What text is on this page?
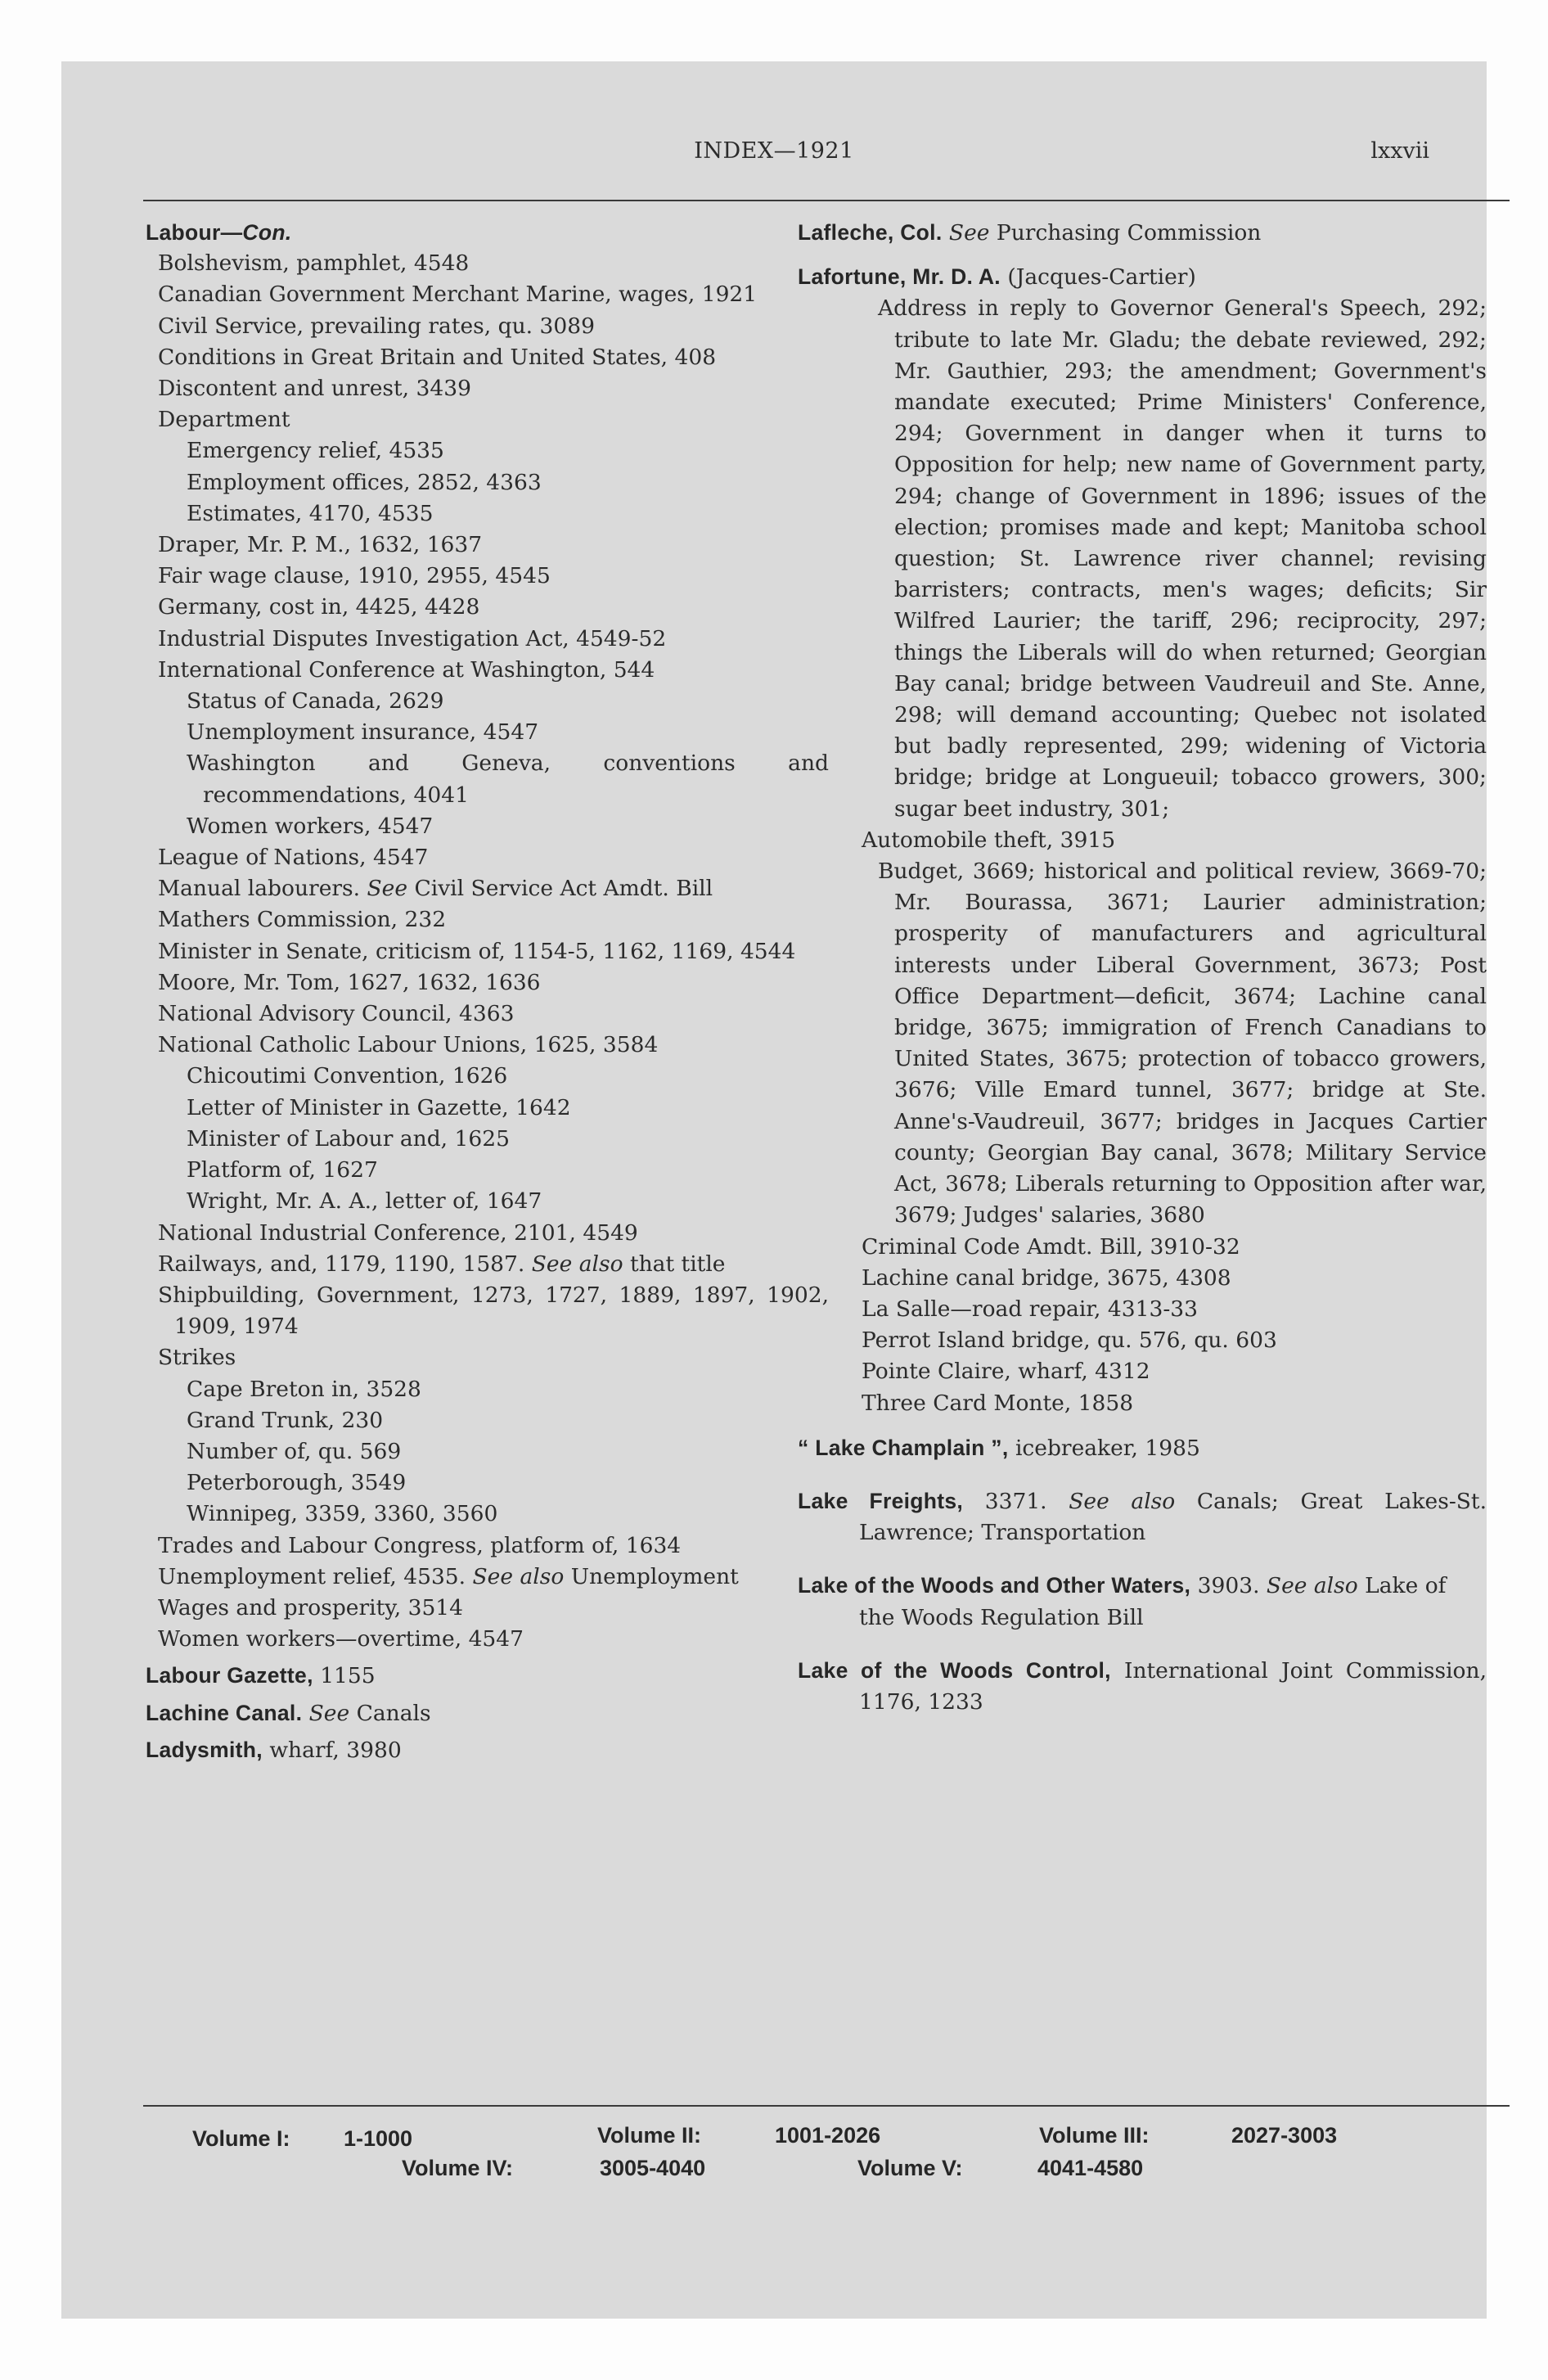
INDEX—1921	lxxvii
Labour—Con.
Bolshevism, pamphlet, 4548
Canadian Government Merchant Marine, wages, 1921
Civil Service, prevailing rates, qu. 3089
Conditions in Great Britain and United States, 408
Discontent and unrest, 3439
Department
Emergency relief, 4535
Employment offices, 2852, 4363
Estimates, 4170, 4535
Draper, Mr. P. M., 1632, 1637
Fair wage clause, 1910, 2955, 4545
Germany, cost in, 4425, 4428
Industrial Disputes Investigation Act, 4549-52
International Conference at Washington, 544
Status of Canada, 2629
Unemployment insurance, 4547
Washington and Geneva, conventions and recommendations, 4041
Women workers, 4547
League of Nations, 4547
Manual labourers. See Civil Service Act Amdt. Bill
Mathers Commission, 232
Minister in Senate, criticism of, 1154-5, 1162, 1169, 4544
Moore, Mr. Tom, 1627, 1632, 1636
National Advisory Council, 4363
National Catholic Labour Unions, 1625, 3584
Chicoutimi Convention, 1626
Letter of Minister in Gazette, 1642
Minister of Labour and, 1625
Platform of, 1627
Wright, Mr. A. A., letter of, 1647
National Industrial Conference, 2101, 4549
Railways, and, 1179, 1190, 1587. See also that title
Shipbuilding, Government, 1273, 1727, 1889, 1897, 1902, 1909, 1974
Strikes
Cape Breton in, 3528
Grand Trunk, 230
Number of, qu. 569
Peterborough, 3549
Winnipeg, 3359, 3360, 3560
Trades and Labour Congress, platform of, 1634
Unemployment relief, 4535. See also Unemployment
Wages and prosperity, 3514
Women workers—overtime, 4547
Labour Gazette, 1155
Lachine Canal. See Canals
Ladysmith, wharf, 3980
Lafleche, Col. See Purchasing Commission
Lafortune, Mr. D. A. (Jacques-Cartier)
Address in reply to Governor General's Speech, 292; tribute to late Mr. Gladu; the debate reviewed, 292; Mr. Gauthier, 293; the amendment; Government's mandate executed; Prime Ministers' Conference, 294; Government in danger when it turns to Opposition for help; new name of Government party, 294; change of Government in 1896; issues of the election; promises made and kept; Manitoba school question; St. Lawrence river channel; revising barristers; contracts, men's wages; deficits; Sir Wilfred Laurier; the tariff, 296; reciprocity, 297; things the Liberals will do when returned; Georgian Bay canal; bridge between Vaudreuil and Ste. Anne, 298; will demand accounting; Quebec not isolated but badly represented, 299; widening of Victoria bridge; bridge at Longueuil; tobacco growers, 300; sugar beet industry, 301;
Automobile theft, 3915
Budget, 3669; historical and political review, 3669-70; Mr. Bourassa, 3671; Laurier administration; prosperity of manufacturers and agricultural interests under Liberal Government, 3673; Post Office Department—deficit, 3674; Lachine canal bridge, 3675; immigration of French Canadians to United States, 3675; protection of tobacco growers, 3676; Ville Emard tunnel, 3677; bridge at Ste. Anne's-Vaudreuil, 3677; bridges in Jacques Cartier county; Georgian Bay canal, 3678; Military Service Act, 3678; Liberals returning to Opposition after war, 3679; Judges' salaries, 3680
Criminal Code Amdt. Bill, 3910-32
Lachine canal bridge, 3675, 4308
La Salle—road repair, 4313-33
Perrot Island bridge, qu. 576, qu. 603
Pointe Claire, wharf, 4312
Three Card Monte, 1858
“ Lake Champlain ”, icebreaker, 1985
Lake Freights, 3371. See also Canals; Great Lakes-St. Lawrence; Transportation
Lake of the Woods and Other Waters, 3903. See also Lake of the Woods Regulation Bill
Lake of the Woods Control, International Joint Commission, 1176, 1233
Volume I: 1-1000	Volume II:	1001-2026	Volume III:	2027-3003
Volume IV:	3005-4040	Volume V:	4041-4580
